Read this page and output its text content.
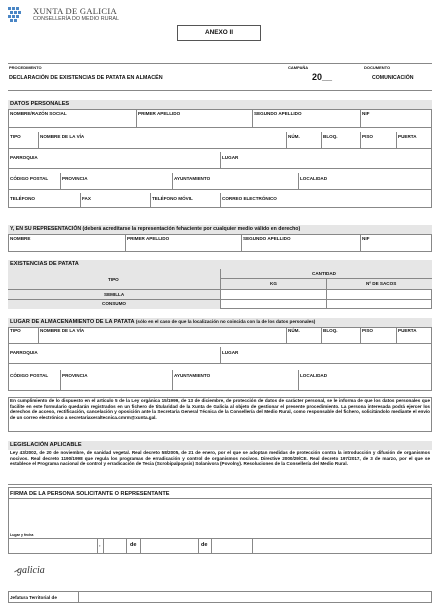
XUNTA DE GALICIA
CONSELLERÍA DO MEDIO RURAL
ANEXO II
PROCEDIMENTO	CAMPAÑA	DOCUMENTO
DECLARACIÓN DE EXISTENCIAS DE PATATA EN ALMACÉN	20__	COMUNICACIÓN
DATOS PERSONALES
NOMBRE/RAZÓN SOCIAL	PRIMER APELLIDO	SEGUNDO APELLIDO	NIF
TIPO	NOMBRE DE LA VÍA	NÚM.	BLOQ.	PISO	PUERTA
PARROQUIA	LUGAR
CÓDIGO POSTAL	PROVINCIA	AYUNTAMIENTO	LOCALIDAD
TELÉFONO	FAX	TELÉFONO MÓVIL	CORREO ELECTRÓNICO
Y, EN SU REPRESENTACIÓN (deberá acreditarse la representación fehaciente por cualquier medio válido en derecho)
NOMBRE	PRIMER APELLIDO	SEGUNDO APELLIDO	NIF
EXISTENCIAS DE PATATA
CANTIDAD
TIPO
KG	Nº DE SACOS
SEMILLA
CONSUMO
LUGAR DE ALMACENAMIENTO DE LA PATATA (sólo en el caso de que la localización no coincida con la de los datos personales)
TIPO	NOMBRE DE LA VÍA	NÚM.	BLOQ.	PISO	PUERTA
PARROQUIA	LUGAR
CÓDIGO POSTAL	PROVINCIA	AYUNTAMIENTO	LOCALIDAD
En cumplimiento de lo dispuesto en el artículo 5 de la Ley orgánica 15/1999, de 13 de diciembre, de protección de datos de carácter personal, se le informa de que los datos personales que facilite en este formulario quedarán registrados en un fichero de titularidad de la Xunta de Galicia al objeto de gestionar el presente procedimiento. La persona interesada podrá ejercer los derechos de acceso, rectificación, cancelación y oposición ante la Secretaría General Técnica de la Consellería del Medio Rural, como responsable del fichero, solicitándolo mediante el envío de un correo electrónico a secretariaxeraltecnica.cmrm@xunta.gal.
LEGISLACIÓN APLICABLE
Ley 43/2002, de 20 de noviembre, de sanidad vegetal. Real decreto 58/2005, de 21 de enero, por el que se adoptan medidas de protección contra la introducción y difusión de organismos nocivos. Real decreto 1190/1998 que regula los programas de erradicación y control de organismos nocivos. Directive 2000/29/CE. Real decreto 197/2017, de 3 de marzo, por el que se establece el Programa nacional de control y erradicación de Tecia (Scrobipalpopsis) Solanivora (Povolny). Resoluciones de la Consellería del Medio Rural.
FIRMA DE LA PERSONA SOLICITANTE O REPRESENTANTE
Lugar y fecha
,	de	de
galicia
Jefatura Territorial de
